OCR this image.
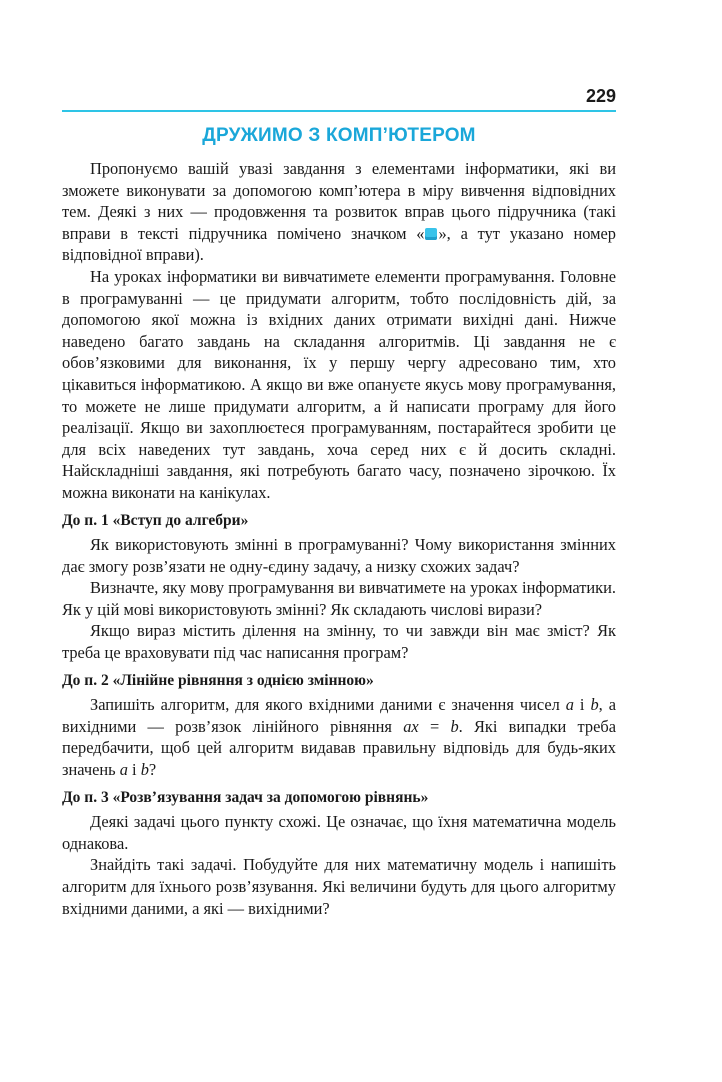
229
ДРУЖИМО З КОМП’ЮТЕРОМ

Пропонуємо вашій увазі завдання з елементами інформатики, які ви зможете виконувати за допомогою комп’ютера в міру вивчення відповідних тем. Деякі з них — продовження та розвиток вправ цього підручника (такі вправи в тексті підручника помічено значком « », а тут указано номер відповідної вправи).

На уроках інформатики ви вивчатимете елементи програмування. Головне в програмуванні — це придумати алгоритм, тобто послідовність дій, за допомогою якої можна із вхідних даних отримати вихідні дані. Нижче наведено багато завдань на складання алгоритмів. Ці завдання не є обов’язковими для виконання, їх у першу чергу адресовано тим, хто цікавиться інформатикою. А якщо ви вже опануєте якусь мову програмування, то можете не лише придумати алгоритм, а й написати програму для його реалізації. Якщо ви захоплюєтеся програмуванням, постарайтеся зробити це для всіх наведених тут завдань, хоча серед них є й досить складні. Найскладніші завдання, які потребують багато часу, позначено зірочкою. Їх можна виконати на канікулах.

До п. 1 «Вступ до алгебри»

Як використовують змінні в програмуванні? Чому використання змінних дає змогу розв’язати не одну-єдину задачу, а низку схожих задач?

Визначте, яку мову програмування ви вивчатимете на уроках інформатики. Як у цій мові використовують змінні? Як складають числові вирази?

Якщо вираз містить ділення на змінну, то чи завжди він має зміст? Як треба це враховувати під час написання програм?

До п. 2 «Лінійне рівняння з однією змінною»

Запишіть алгоритм, для якого вхідними даними є значення чисел a і b, а вихідними — розв’язок лінійного рівняння ax = b. Які випадки треба передбачити, щоб цей алгоритм видавав правильну відповідь для будь-яких значень a і b?

До п. 3 «Розв’язування задач за допомогою рівнянь»

Деякі задачі цього пункту схожі. Це означає, що їхня математична модель однакова.

Знайдіть такі задачі. Побудуйте для них математичну модель і напишіть алгоритм для їхнього розв’язування. Які величини будуть для цього алгоритму вхідними даними, а які — вихідними?
